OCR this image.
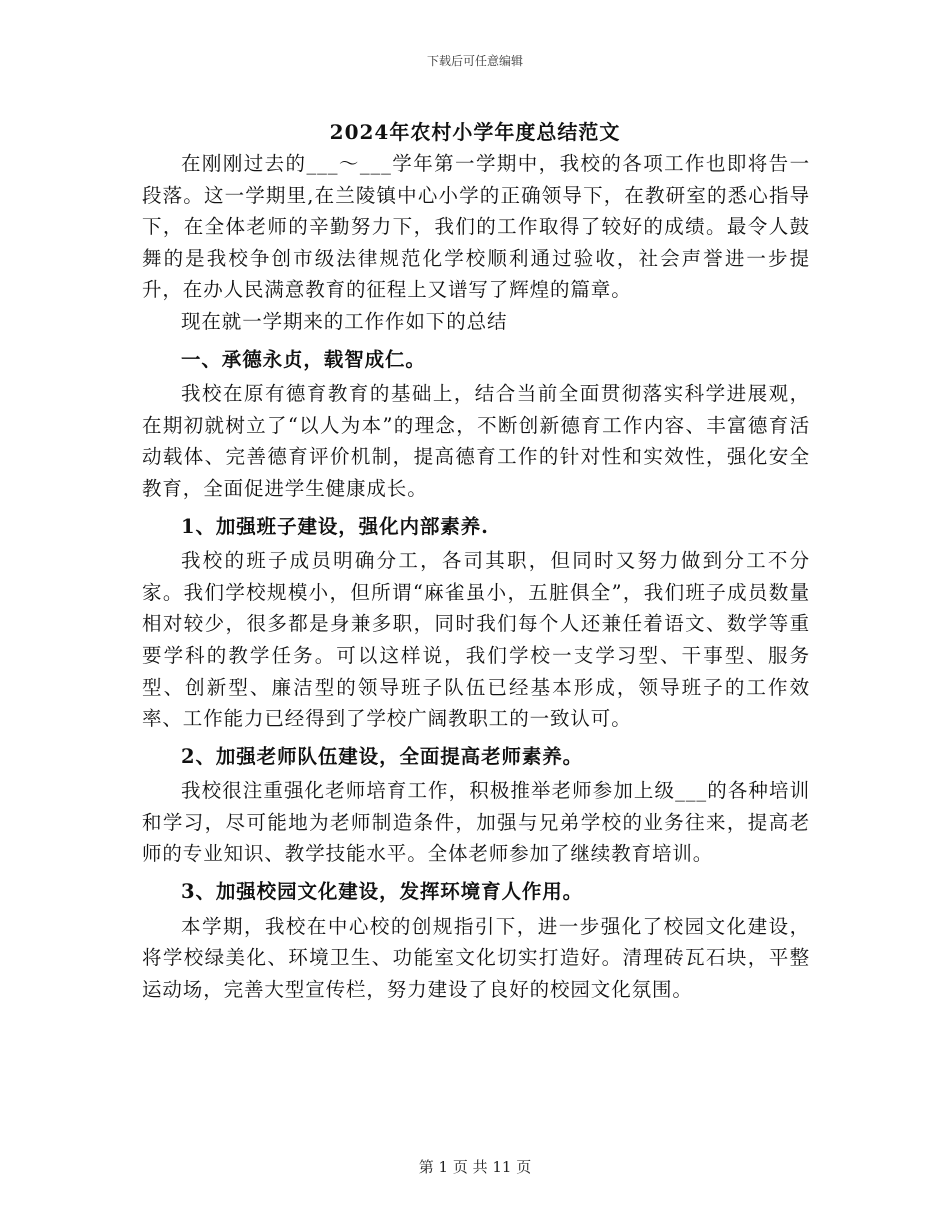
下载后可任意编辑
2024年农村小学年度总结范文

在刚刚过去的___～___学年第一学期中，我校的各项工作也即将告一段落。这一学期里,在兰陵镇中心小学的正确领导下，在教研室的悉心指导下，在全体老师的辛勤努力下，我们的工作取得了较好的成绩。最令人鼓舞的是我校争创市级法律规范化学校顺利通过验收，社会声誉进一步提升，在办人民满意教育的征程上又谱写了辉煌的篇章。

现在就一学期来的工作作如下的总结

一、承德永贞，载智成仁。

我校在原有德育教育的基础上，结合当前全面贯彻落实科学进展观，在期初就树立了“以人为本”的理念，不断创新德育工作内容、丰富德育活动载体、完善德育评价机制，提高德育工作的针对性和实效性，强化安全教育，全面促进学生健康成长。

1、加强班子建设，强化内部素养.

我校的班子成员明确分工，各司其职，但同时又努力做到分工不分家。我们学校规模小，但所谓“麻雀虽小，五脏俱全”，我们班子成员数量相对较少，很多都是身兼多职，同时我们每个人还兼任着语文、数学等重要学科的教学任务。可以这样说，我们学校一支学习型、干事型、服务型、创新型、廉洁型的领导班子队伍已经基本形成，领导班子的工作效率、工作能力已经得到了学校广阔教职工的一致认可。

2、加强老师队伍建设，全面提高老师素养。

我校很注重强化老师培育工作，积极推举老师参加上级___的各种培训和学习，尽可能地为老师制造条件，加强与兄弟学校的业务往来，提高老师的专业知识、教学技能水平。全体老师参加了继续教育培训。

3、加强校园文化建设，发挥环境育人作用。

本学期，我校在中心校的创规指引下，进一步强化了校园文化建设，将学校绿美化、环境卫生、功能室文化切实打造好。清理砖瓦石块，平整运动场，完善大型宣传栏，努力建设了良好的校园文化氛围。

第 1 页 共 11 页
